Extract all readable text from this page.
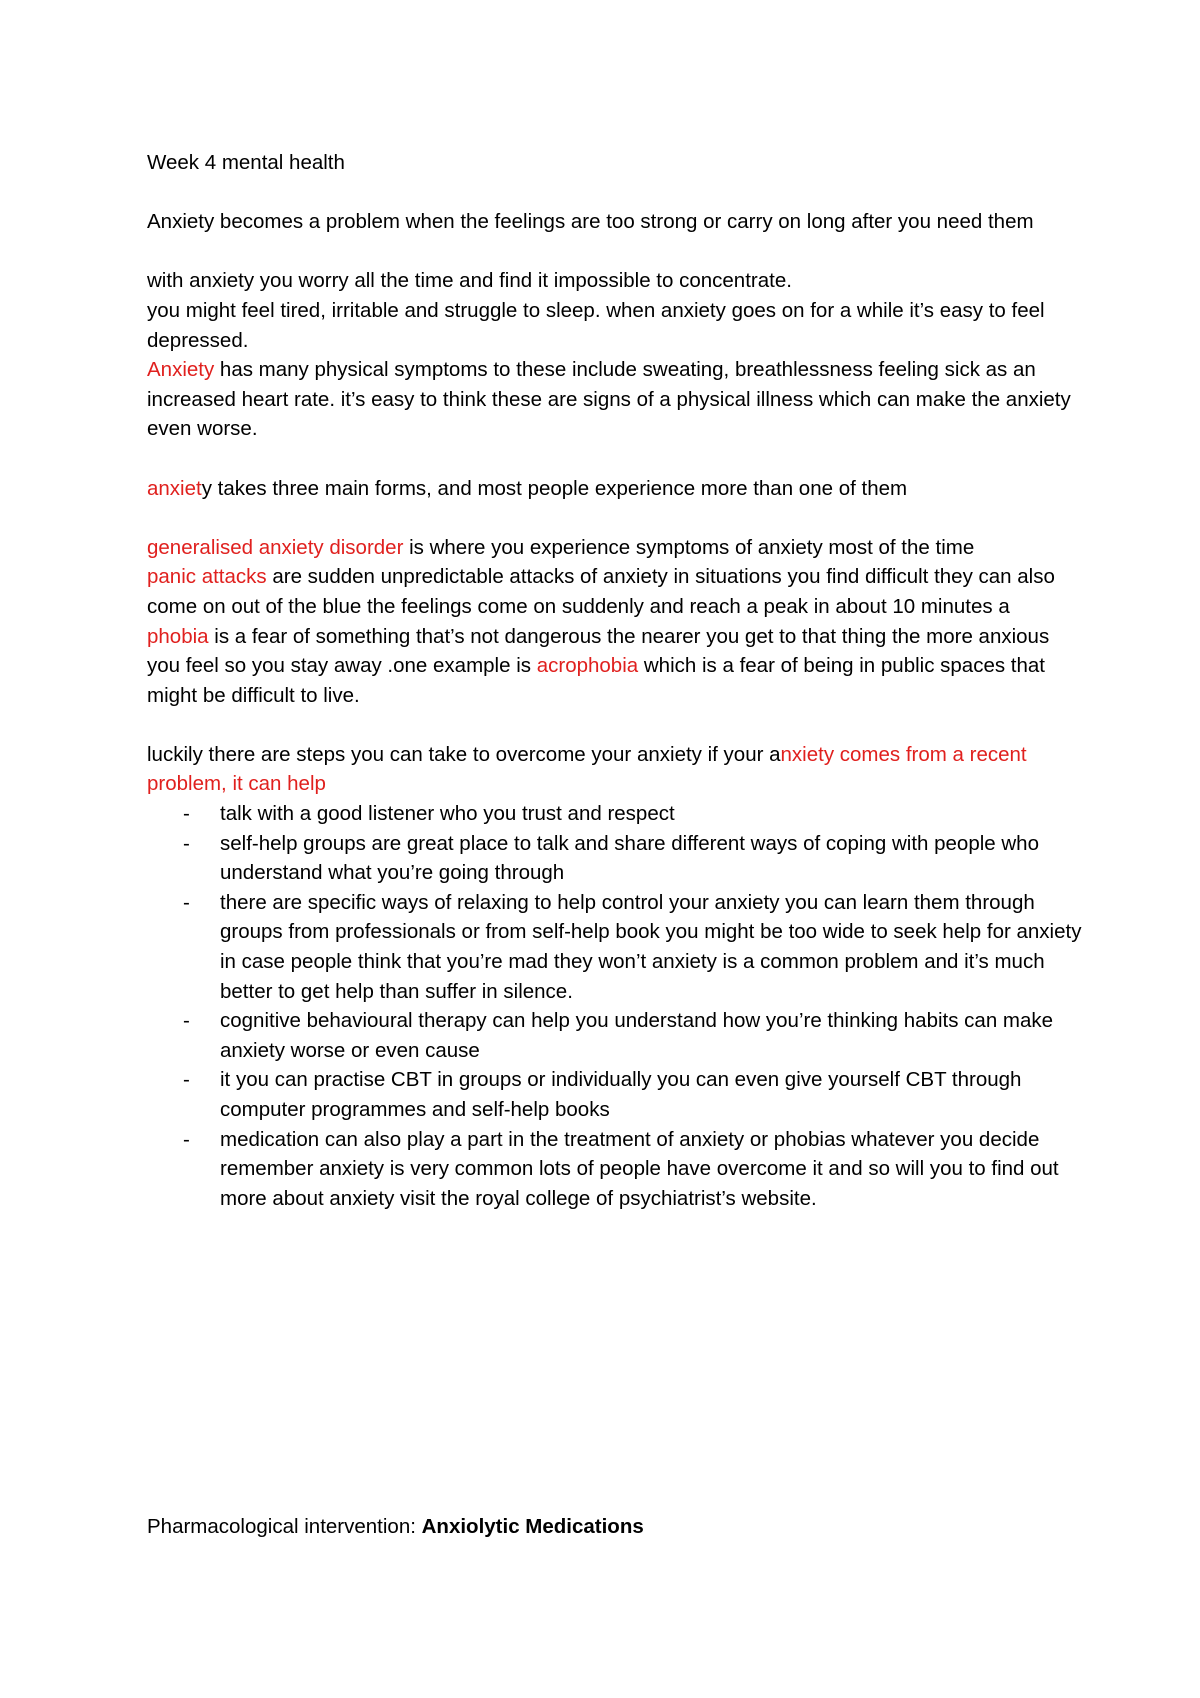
Week 4 mental health

Anxiety becomes a problem when the feelings are too strong or carry on long after you need them

with anxiety you worry all the time and find it impossible to concentrate.

you might feel tired, irritable and struggle to sleep. when anxiety goes on for a while it’s easy to feel depressed.

Anxiety has many physical symptoms to these include sweating, breathlessness feeling sick as an increased heart rate. it’s easy to think these are signs of a physical illness which can make the anxiety even worse.

anxiety takes three main forms, and most people experience more than one of them

generalised anxiety disorder is where you experience symptoms of anxiety most of the time

panic attacks are sudden unpredictable attacks of anxiety in situations you find difficult they can also come on out of the blue the feelings come on suddenly and reach a peak in about 10 minutes a

phobia is a fear of something that’s not dangerous the nearer you get to that thing the more anxious you feel so you stay away .one example is acrophobia which is a fear of being in public spaces that might be difficult to live.

luckily there are steps you can take to overcome your anxiety if your anxiety comes from a recent problem, it can help

- talk with a good listener who you trust and respect
- self-help groups are great place to talk and share different ways of coping with people who understand what you’re going through
- there are specific ways of relaxing to help control your anxiety you can learn them through groups from professionals or from self-help book you might be too wide to seek help for anxiety in case people think that you’re mad they won’t anxiety is a common problem and it’s much better to get help than suffer in silence.
- cognitive behavioural therapy can help you understand how you’re thinking habits can make anxiety worse or even cause
- it you can practise CBT in groups or individually you can even give yourself CBT through computer programmes and self-help books
- medication can also play a part in the treatment of anxiety or phobias whatever you decide remember anxiety is very common lots of people have overcome it and so will you to find out more about anxiety visit the royal college of psychiatrist’s website.
Pharmacological intervention: Anxiolytic Medications
